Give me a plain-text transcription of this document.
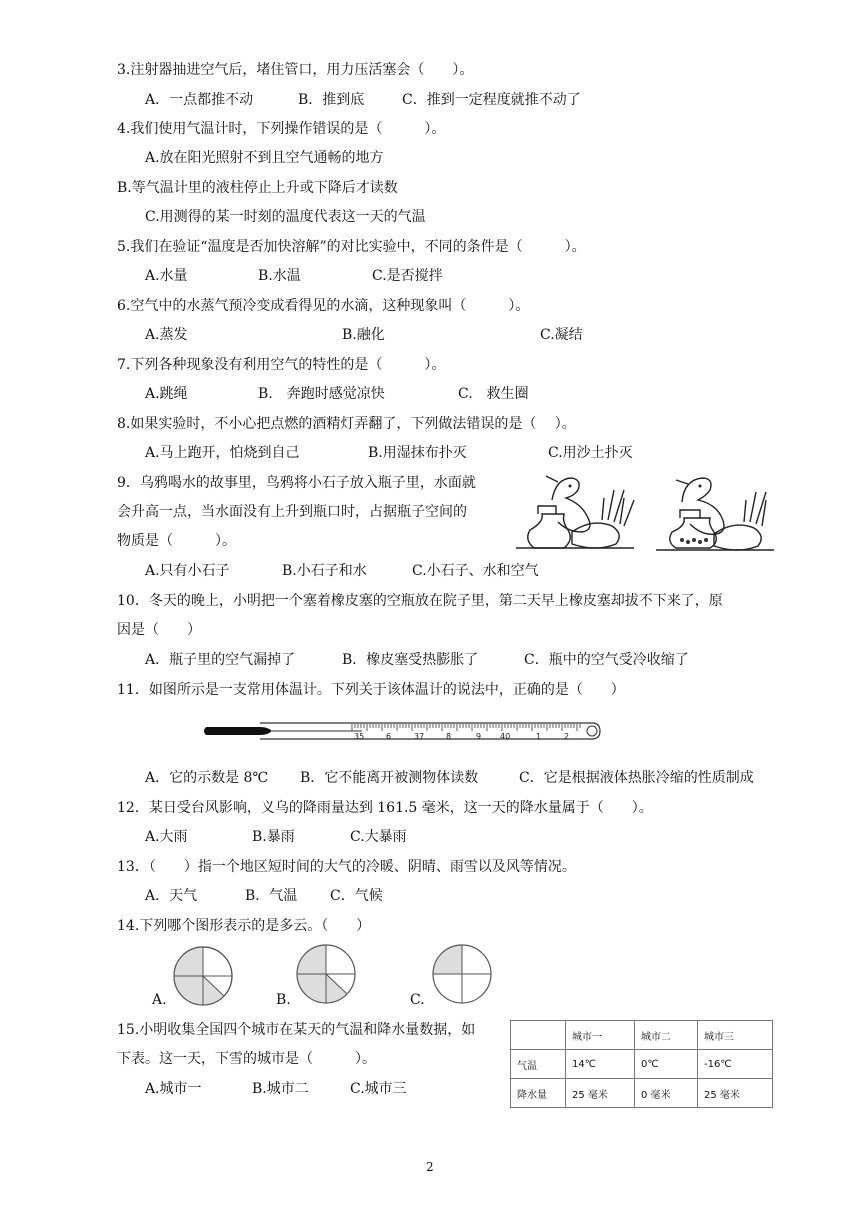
3.注射器抽进空气后，堵住管口，用力压活塞会（　　）。
A．一点都推不动	B．推到底	C．推到一定程度就推不动了
4.我们使用气温计时，下列操作错误的是（　　　）。
A.放在阳光照射不到且空气通畅的地方
B.等气温计里的液柱停止上升或下降后才读数
C.用测得的某一时刻的温度代表这一天的气温
5.我们在验证“温度是否加快溶解”的对比实验中，不同的条件是（　　　）。
A.水量	B.水温	C.是否搅拌
6.空气中的水蒸气预冷变成看得见的水滴，这种现象叫（　　　）。
A.蒸发	B.融化	C.凝结
7.下列各种现象没有利用空气的特性的是（　　　）。
A.跳绳	B.　奔跑时感觉凉快	C.　救生圈
8.如果实验时，不小心把点燃的酒精灯弄翻了，下列做法错误的是（　 ）。
A.马上跑开，怕烧到自己	B.用湿抹布扑灭	C.用沙土扑灭
9．乌鸦喝水的故事里，鸟鸦将小石子放入瓶子里，水面就
会升高一点，当水面没有上升到瓶口时，占据瓶子空间的
物质是（　　　）。
A.只有小石子	B.小石子和水	C.小石子、水和空气
10．冬天的晚上，小明把一个塞着橡皮塞的空瓶放在院子里，第二天早上橡皮塞却拔不下来了，原
因是（　　）
A．瓶子里的空气漏掉了	B．橡皮塞受热膨胀了	C．瓶中的空气受冷收缩了
11．如图所示是一支常用体温计。下列关于该体温计的说法中，正确的是（　　）
35	6	37	8	9 40	1	2
A．它的示数是 8℃ B．它不能离开被测物体读数	C．它是根据液体热胀冷缩的性质制成
12．某日受台风影响，义乌的降雨量达到 161.5 毫米，这一天的降水量属于（　　）。
A.大雨	B.暴雨	C.大暴雨
13．（　　）指一个地区短时间的大气的冷暖、阴晴、雨雪以及风等情况。
A．天气	B．气温 C．气候
14.下列哪个图形表示的是多云。（　　）
A.	B.	C.
15.小明收集全国四个城市在某天的气温和降水量数据，如
下表。这一天，下雪的城市是（　　　）。
A.城市一	B.城市二	C.城市三
	城市一	城市二	城市三
气温	14℃	0℃	-16℃
降水量	25 毫米	0 毫米	25 毫米
2
